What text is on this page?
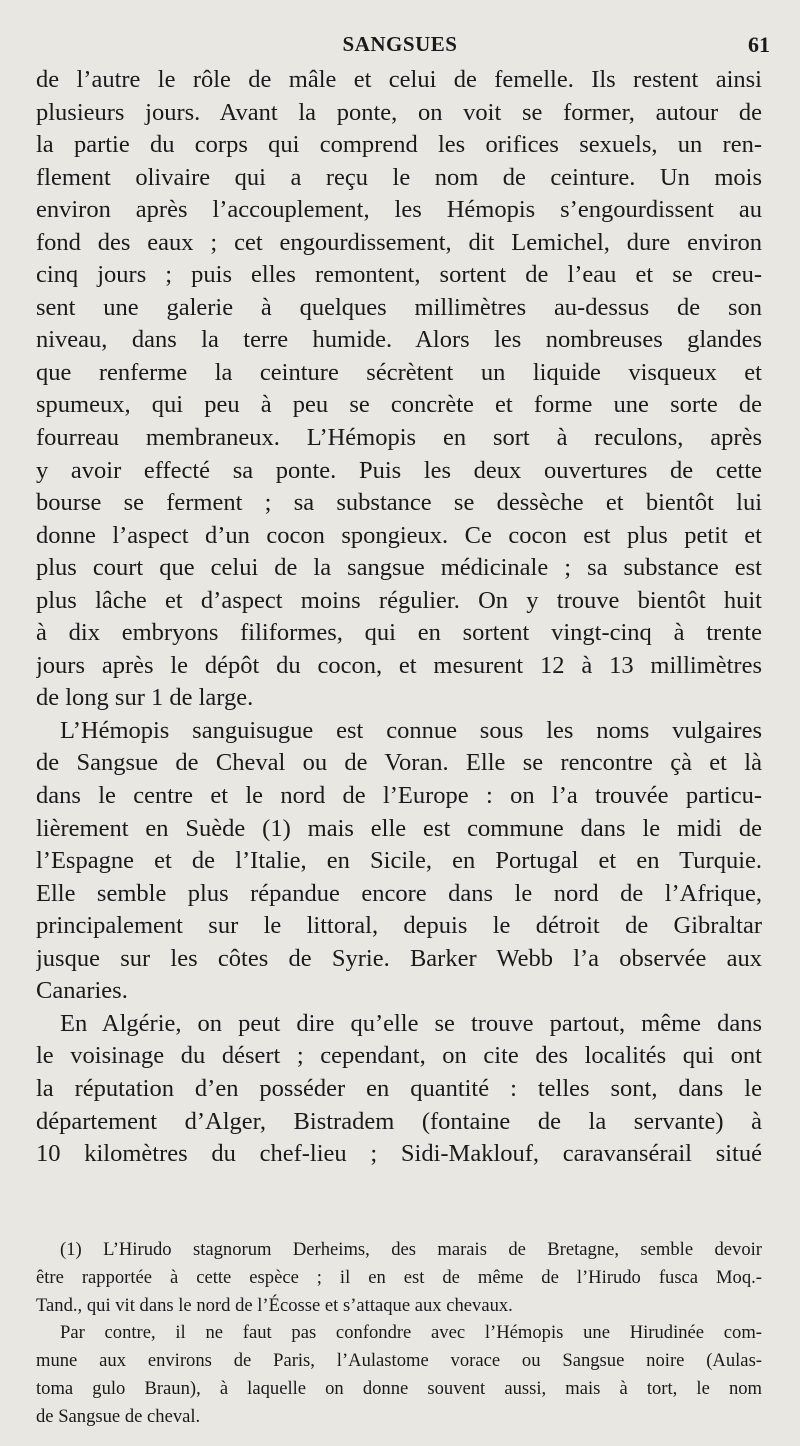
SANGSUES	61
de l’autre le rôle de mâle et celui de femelle. Ils restent ainsi
plusieurs jours. Avant la ponte, on voit se former, autour de
la partie du corps qui comprend les orifices sexuels, un ren-
flement olivaire qui a reçu le nom de ceinture. Un mois
environ après l’accouplement, les Hémopis s’engourdissent au
fond des eaux ; cet engourdissement, dit Lemichel, dure environ
cinq jours ; puis elles remontent, sortent de l’eau et se creu-
sent une galerie à quelques millimètres au-dessus de son
niveau, dans la terre humide. Alors les nombreuses glandes
que renferme la ceinture sécrètent un liquide visqueux et
spumeux, qui peu à peu se concrète et forme une sorte de
fourreau membraneux. L’Hémopis en sort à reculons, après
y avoir effecté sa ponte. Puis les deux ouvertures de cette
bourse se ferment ; sa substance se dessèche et bientôt lui
donne l’aspect d’un cocon spongieux. Ce cocon est plus petit et
plus court que celui de la sangsue médicinale ; sa substance est
plus lâche et d’aspect moins régulier. On y trouve bientôt huit
à dix embryons filiformes, qui en sortent vingt-cinq à trente
jours après le dépôt du cocon, et mesurent 12 à 13 millimètres
de long sur 1 de large.
L’Hémopis sanguisugue est connue sous les noms vulgaires
de Sangsue de Cheval ou de Voran. Elle se rencontre çà et là
dans le centre et le nord de l’Europe : on l’a trouvée particu-
lièrement en Suède (1) mais elle est commune dans le midi de
l’Espagne et de l’Italie, en Sicile, en Portugal et en Turquie.
Elle semble plus répandue encore dans le nord de l’Afrique,
principalement sur le littoral, depuis le détroit de Gibraltar
jusque sur les côtes de Syrie. Barker Webb l’a observée aux
Canaries.
En Algérie, on peut dire qu’elle se trouve partout, même dans
le voisinage du désert ; cependant, on cite des localités qui ont
la réputation d’en posséder en quantité : telles sont, dans le
département d’Alger, Bistradem (fontaine de la servante) à
10 kilomètres du chef-lieu ; Sidi-Maklouf, caravansérail situé
(1) L’Hirudo stagnorum Derheims, des marais de Bretagne, semble devoir
être rapportée à cette espèce ; il en est de même de l’Hirudo fusca Moq.-
Tand., qui vit dans le nord de l’Écosse et s’attaque aux chevaux.
Par contre, il ne faut pas confondre avec l’Hémopis une Hirudinée com-
mune aux environs de Paris, l’Aulastome vorace ou Sangsue noire (Aulas-
toma gulo Braun), à laquelle on donne souvent aussi, mais à tort, le nom
de Sangsue de cheval.
